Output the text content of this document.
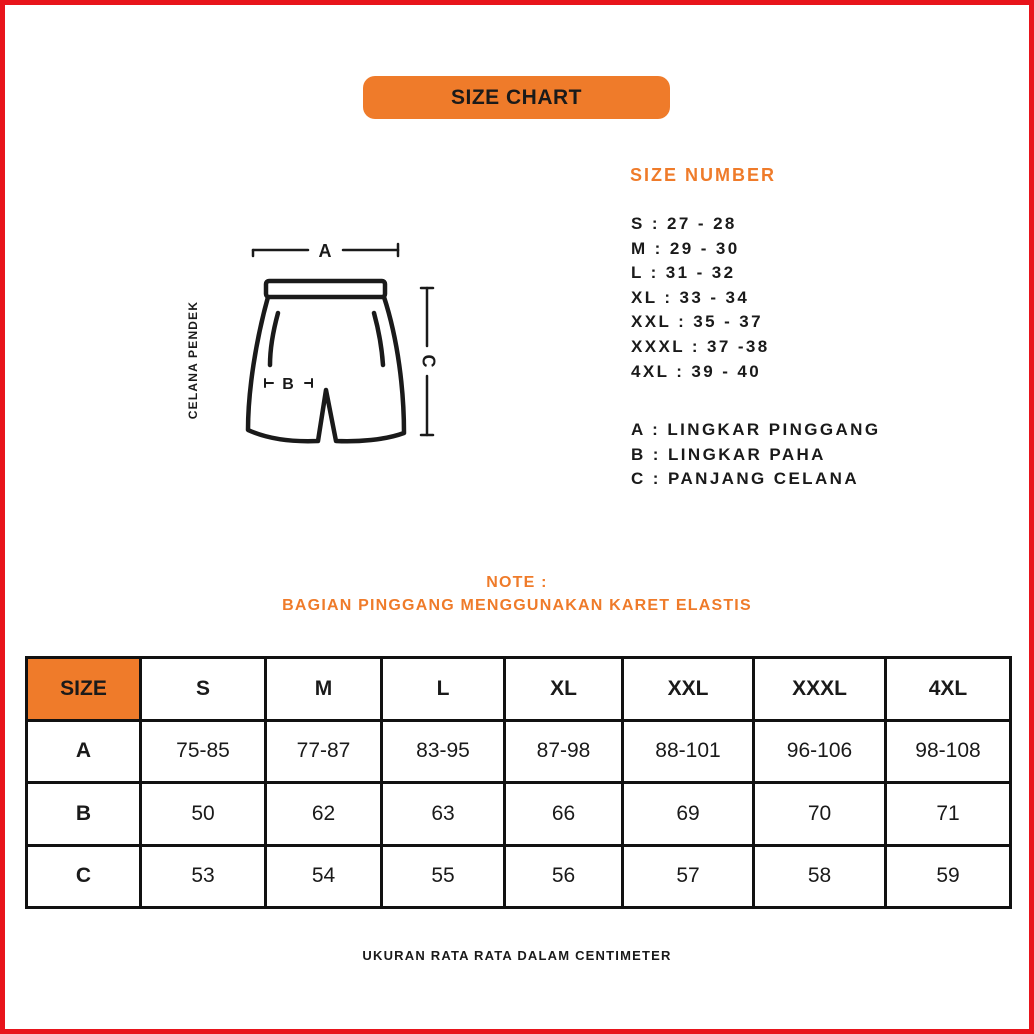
SIZE CHART
CELANA PENDEK
A
B
C
SIZE NUMBER
S : 27 - 28
M : 29 - 30
L : 31 - 32
XL : 33 - 34
XXL : 35 - 37
XXXL : 37 -38
4XL : 39 - 40
A : LINGKAR PINGGANG
B : LINGKAR PAHA
C : PANJANG CELANA
NOTE :
BAGIAN PINGGANG MENGGUNAKAN KARET ELASTIS
SIZE	S	M	L	XL	XXL	XXXL	4XL
A	75-85	77-87	83-95	87-98	88-101	96-106	98-108
B	50	62	63	66	69	70	71
C	53	54	55	56	57	58	59
UKURAN RATA RATA DALAM CENTIMETER
